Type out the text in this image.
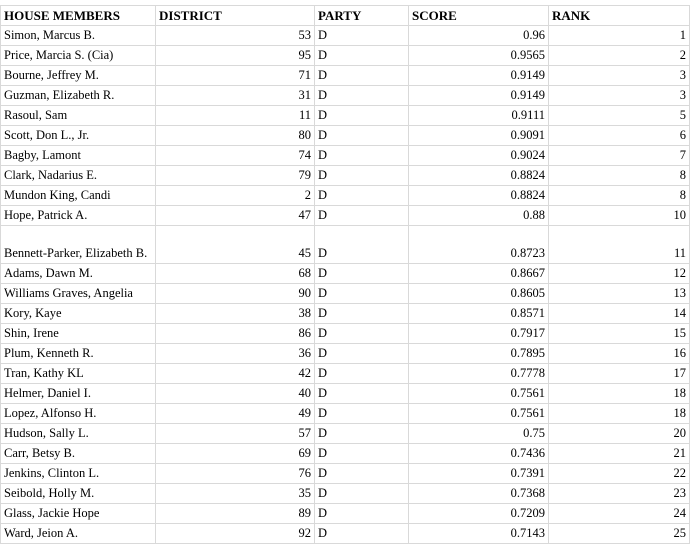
HOUSE MEMBERS	DISTRICT	PARTY	SCORE	RANK
Simon, Marcus B.	53	D	0.96	1
Price, Marcia S. (Cia)	95	D	0.9565	2
Bourne, Jeffrey M.	71	D	0.9149	3
Guzman, Elizabeth R.	31	D	0.9149	3
Rasoul, Sam	11	D	0.9111	5
Scott, Don L., Jr.	80	D	0.9091	6
Bagby, Lamont	74	D	0.9024	7
Clark, Nadarius E.	79	D	0.8824	8
Mundon King, Candi	2	D	0.8824	8
Hope, Patrick A.	47	D	0.88	10
Bennett-Parker, Elizabeth B.	45	D	0.8723	11
Adams, Dawn M.	68	D	0.8667	12
Williams Graves, Angelia	90	D	0.8605	13
Kory, Kaye	38	D	0.8571	14
Shin, Irene	86	D	0.7917	15
Plum, Kenneth R.	36	D	0.7895	16
Tran, Kathy KL	42	D	0.7778	17
Helmer, Daniel I.	40	D	0.7561	18
Lopez, Alfonso H.	49	D	0.7561	18
Hudson, Sally L.	57	D	0.75	20
Carr, Betsy B.	69	D	0.7436	21
Jenkins, Clinton L.	76	D	0.7391	22
Seibold, Holly M.	35	D	0.7368	23
Glass, Jackie Hope	89	D	0.7209	24
Ward, Jeion A.	92	D	0.7143	25
